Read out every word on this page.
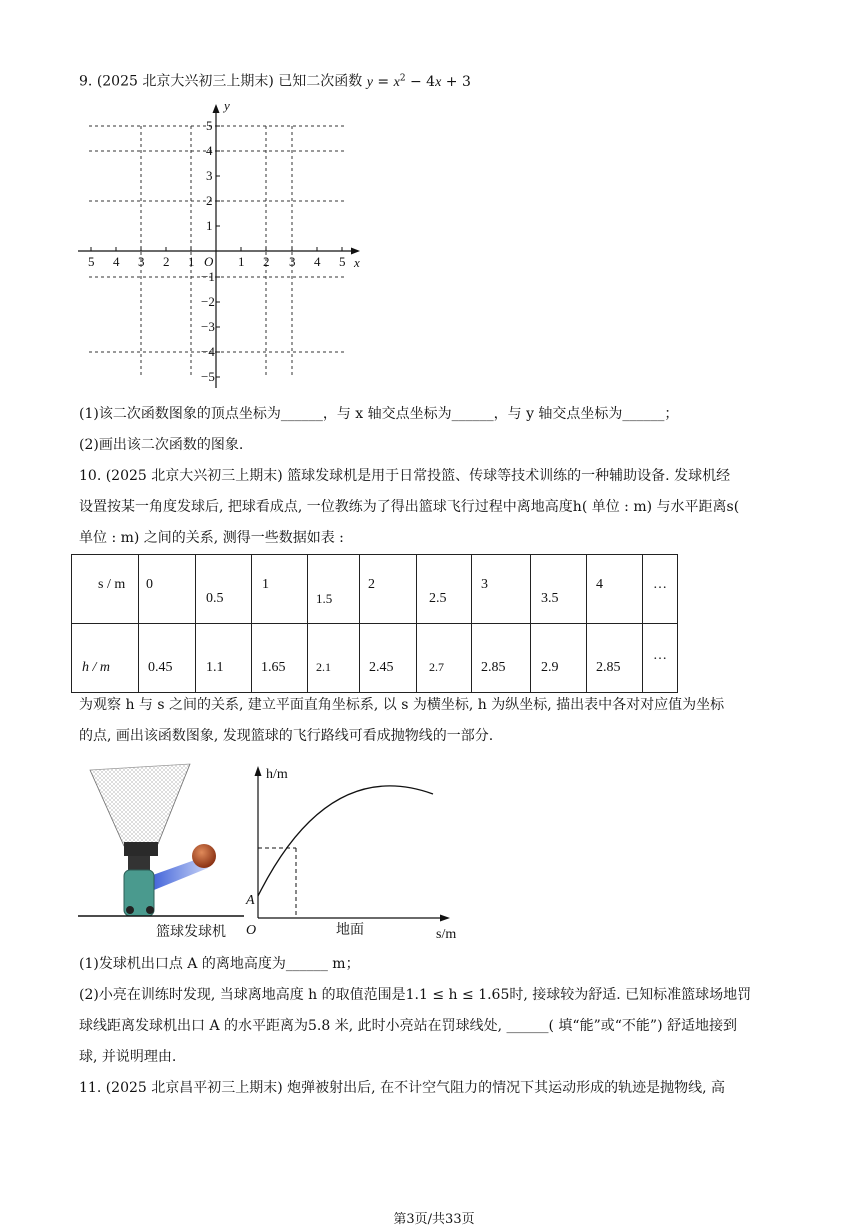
9. (2025 北京大兴初三上期末) 已知二次函数 $y = x^2 - 4x + 3$
5 4 3 2 1	1 2 3 4 5
O	x
y
5
4
3
2
1
−1
−2
−3
−4
−5
(1)该二次函数图象的顶点坐标为______，与 x 轴交点坐标为______，与 y 轴交点坐标为______；
(2)画出该二次函数的图象.
10. (2025 北京大兴初三上期末) 篮球发球机是用于日常投篮、传球等技术训练的一种辅助设备. 发球机经
设置按某一角度发球后, 把球看成点, 一位教练为了得出篮球飞行过程中离地高度h( 单位 : m) 与水平距离s(
单位 : m) 之间的关系, 测得一些数据如表 :
s / m	0	0.5	1	1.5	2	2.5	3	3.5	4	…

h / m	0.45	1.1	1.65	2.1	2.45	2.7	2.85	2.9	2.85	…
为观察 h 与 s 之间的关系, 建立平面直角坐标系, 以 s 为横坐标, h 为纵坐标, 描出表中各对对应值为坐标
的点, 画出该函数图象, 发现篮球的飞行路线可看成抛物线的一部分.
篮球发球机
h/m
s/m
O
A
地面
(1)发球机出口点 A 的离地高度为______ m；
(2)小亮在训练时发现, 当球离地高度 h 的取值范围是1.1 ≤ h ≤ 1.65时, 接球较为舒适. 已知标准篮球场地罚
球线距离发球机出口 A 的水平距离为5.8 米, 此时小亮站在罚球线处, ______( 填“能”或“不能”) 舒适地接到
球, 并说明理由.
11. (2025 北京昌平初三上期末) 炮弹被射出后, 在不计空气阻力的情况下其运动形成的轨迹是抛物线, 高
第3页/共33页
